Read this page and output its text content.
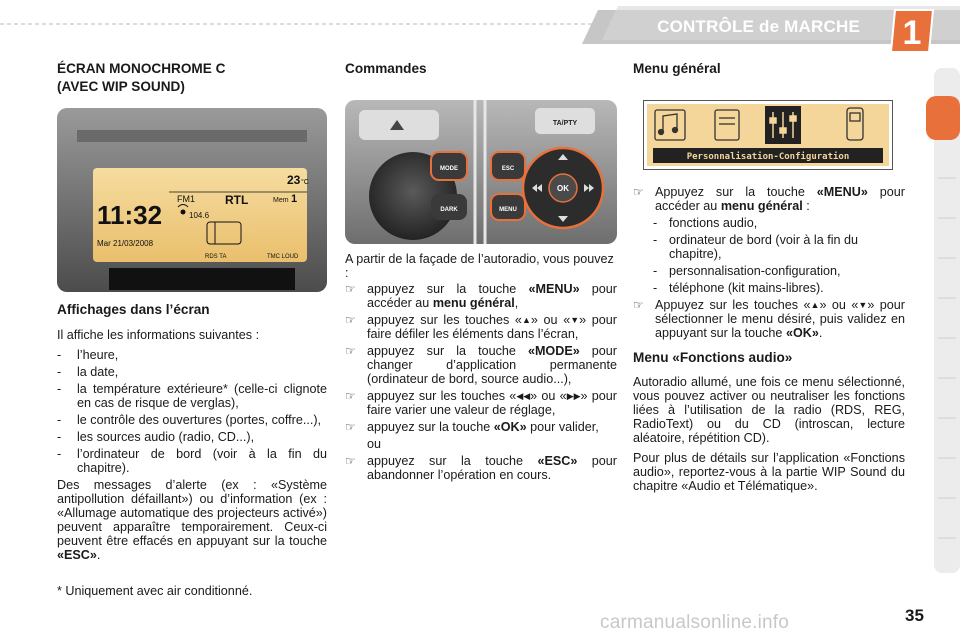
CONTRÔLE de MARCHE 1
ÉCRAN MONOCHROME C
(AVEC WIP SOUND)
23 °C
11:32
FM1	RTL
104.6
Mem 1
Mar 21/03/2008
RDS TA	TMC LOUD
Affichages dans l’écran

Il affiche les informations suivantes :

- l’heure,
- la date,
- la température extérieure* (celle-ci clignote en cas de risque de verglas),
- le contrôle des ouvertures (portes, coffre...),
- les sources audio (radio, CD...),
- l’ordinateur de bord (voir à la fin du chapitre).

Des messages d’alerte (ex : «Système antipollution défaillant») ou d’information (ex : «Allumage automatique des projecteurs activé») peuvent apparaître temporairement. Ceux-ci peuvent être effacés en appuyant sur la touche «ESC».

* Uniquement avec air conditionné.

Commandes
TA/PTY
MODE
DARK
ESC
MENU
OK

A partir de la façade de l’autoradio, vous pouvez :

☞ appuyez sur la touche «MENU» pour accéder au menu général,
☞ appuyez sur les touches «▲» ou «▼» pour faire défiler les éléments dans l’écran,
☞ appuyez sur la touche «MODE» pour changer d’application permanente (ordinateur de bord, source audio...),
☞ appuyez sur les touches «◀◀» ou «▶▶» pour faire varier une valeur de réglage,
☞ appuyez sur la touche «OK» pour valider,
ou
☞ appuyez sur la touche «ESC» pour abandonner l’opération en cours.
Menu général
Personnalisation-Configuration
☞ Appuyez sur la touche «MENU» pour accéder au menu général :
- fonctions audio,
- ordinateur de bord (voir à la fin du chapitre),
- personnalisation-configuration,
- téléphone (kit mains-libres).
☞ Appuyez sur les touches «▲» ou «▼» pour sélectionner le menu désiré, puis validez en appuyant sur la touche «OK».
Menu «Fonctions audio»

Autoradio allumé, une fois ce menu sélectionné, vous pouvez activer ou neutraliser les fonctions liées à l’utilisation de la radio (RDS, REG, RadioText) ou du CD (introscan, lecture aléatoire, répétition CD).

Pour plus de détails sur l’application «Fonctions audio», reportez-vous à la partie WIP Sound du chapitre «Audio et Télématique».

carmanualsonline.info	35
